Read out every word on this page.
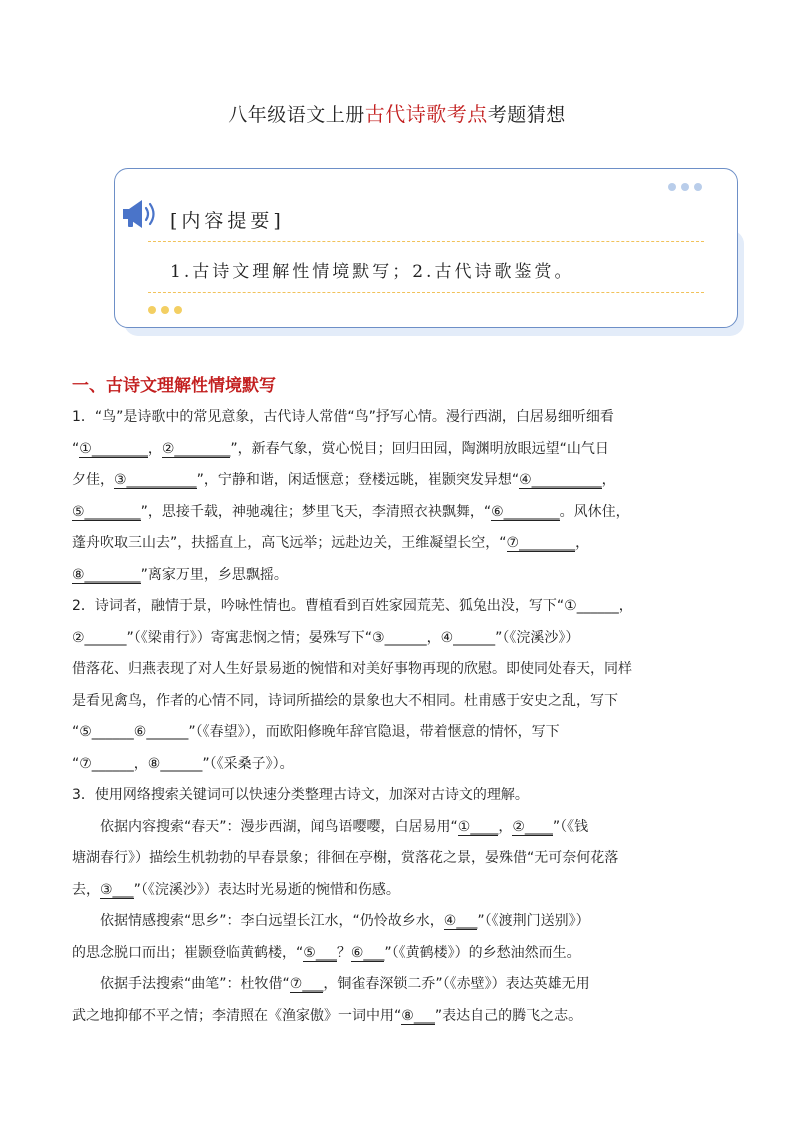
八年级语文上册古代诗歌考点考题猜想
[内容提要]
1.古诗文理解性情境默写；2.古代诗歌鉴赏。
一、古诗文理解性情境默写

1．“鸟”是诗歌中的常见意象，古代诗人常借“鸟”抒写心情。漫行西湖，白居易细听细看

“①________，②________”，新春气象，赏心悦目；回归田园，陶渊明放眼远望“山气日

夕佳，③__________”，宁静和谐，闲适惬意；登楼远眺，崔颢突发异想“④__________，

⑤________”，思接千载，神驰魂往；梦里飞天，李清照衣袂飘舞，“⑥________。风休住，

蓬舟吹取三山去”，扶摇直上，高飞远举；远赴边关，王维凝望长空，“⑦________，

⑧________”离家万里，乡思飘摇。

2．诗词者，融情于景，吟咏性情也。曹植看到百姓家园荒芜、狐兔出没，写下“①______，

②______”（《梁甫行》）寄寓悲悯之情；晏殊写下“③______，④______”（《浣溪沙》）

借落花、归燕表现了对人生好景易逝的惋惜和对美好事物再现的欣慰。即使同处春天，同样

是看见禽鸟，作者的心情不同，诗词所描绘的景象也大不相同。杜甫感于安史之乱，写下

“⑤______⑥______”（《春望》），而欧阳修晚年辞官隐退，带着惬意的情怀，写下

“⑦______，⑧______”（《采桑子》）。

3．使用网络搜索关键词可以快速分类整理古诗文，加深对古诗文的理解。

依据内容搜索“春天”：漫步西湖，闻鸟语嘤嘤，白居易用“①____，②____”（《钱

塘湖春行》）描绘生机勃勃的早春景象；徘徊在亭榭，赏落花之景，晏殊借“无可奈何花落

去，③___”（《浣溪沙》）表达时光易逝的惋惜和伤感。

依据情感搜索“思乡”：李白远望长江水，“仍怜故乡水，④___”（《渡荆门送别》）

的思念脱口而出；崔颢登临黄鹤楼，“⑤___？⑥___”（《黄鹤楼》）的乡愁油然而生。

依据手法搜索“曲笔”：杜牧借“⑦___，铜雀春深锁二乔”（《赤壁》）表达英雄无用

武之地抑郁不平之情；李清照在《渔家傲》一词中用“⑧___”表达自己的腾飞之志。
